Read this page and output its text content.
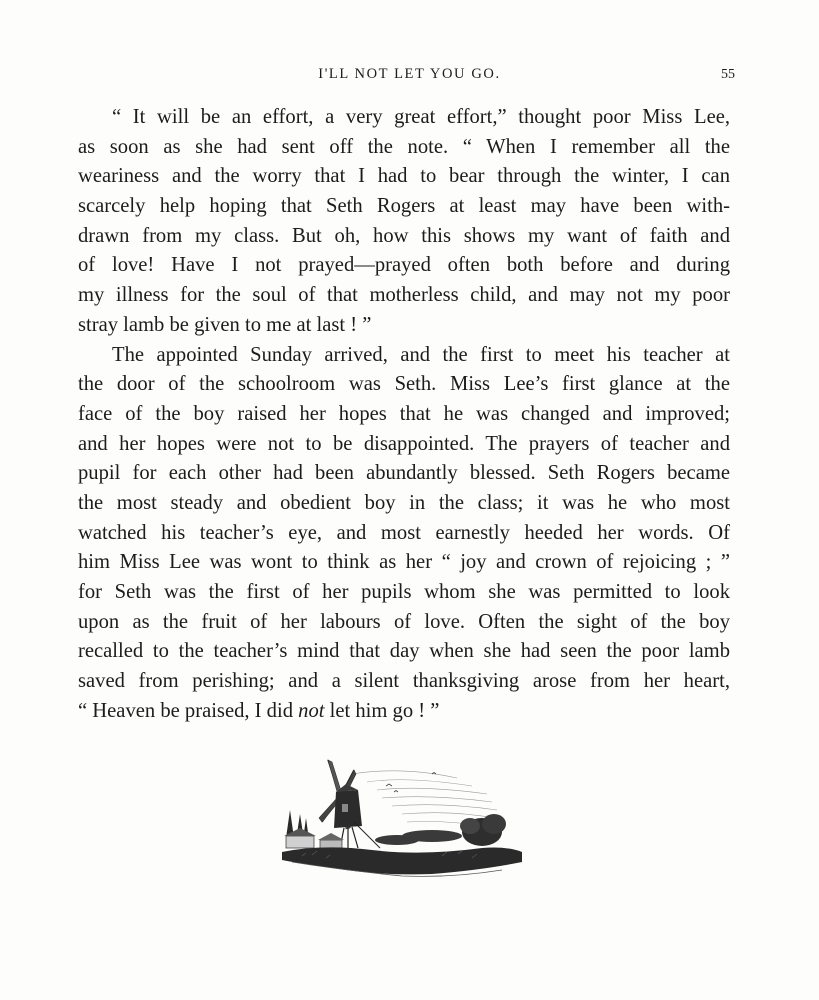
I'LL NOT LET YOU GO.	55
“ It will be an effort, a very great effort,” thought poor Miss Lee,
as soon as she had sent off the note. “ When I remember all the
weariness and the worry that I had to bear through the winter, I can
scarcely help hoping that Seth Rogers at least may have been with-
drawn from my class. But oh, how this shows my want of faith and
of love! Have I not prayed—prayed often both before and during
my illness for the soul of that motherless child, and may not my poor
stray lamb be given to me at last ! ”
The appointed Sunday arrived, and the first to meet his teacher at
the door of the schoolroom was Seth. Miss Lee’s first glance at the
face of the boy raised her hopes that he was changed and improved;
and her hopes were not to be disappointed. The prayers of teacher and
pupil for each other had been abundantly blessed. Seth Rogers became
the most steady and obedient boy in the class; it was he who most
watched his teacher’s eye, and most earnestly heeded her words. Of
him Miss Lee was wont to think as her “ joy and crown of rejoicing ; ”
for Seth was the first of her pupils whom she was permitted to look
upon as the fruit of her labours of love. Often the sight of the boy
recalled to the teacher’s mind that day when she had seen the poor lamb
saved from perishing; and a silent thanksgiving arose from her heart,
“ Heaven be praised, I did not let him go ! ”
